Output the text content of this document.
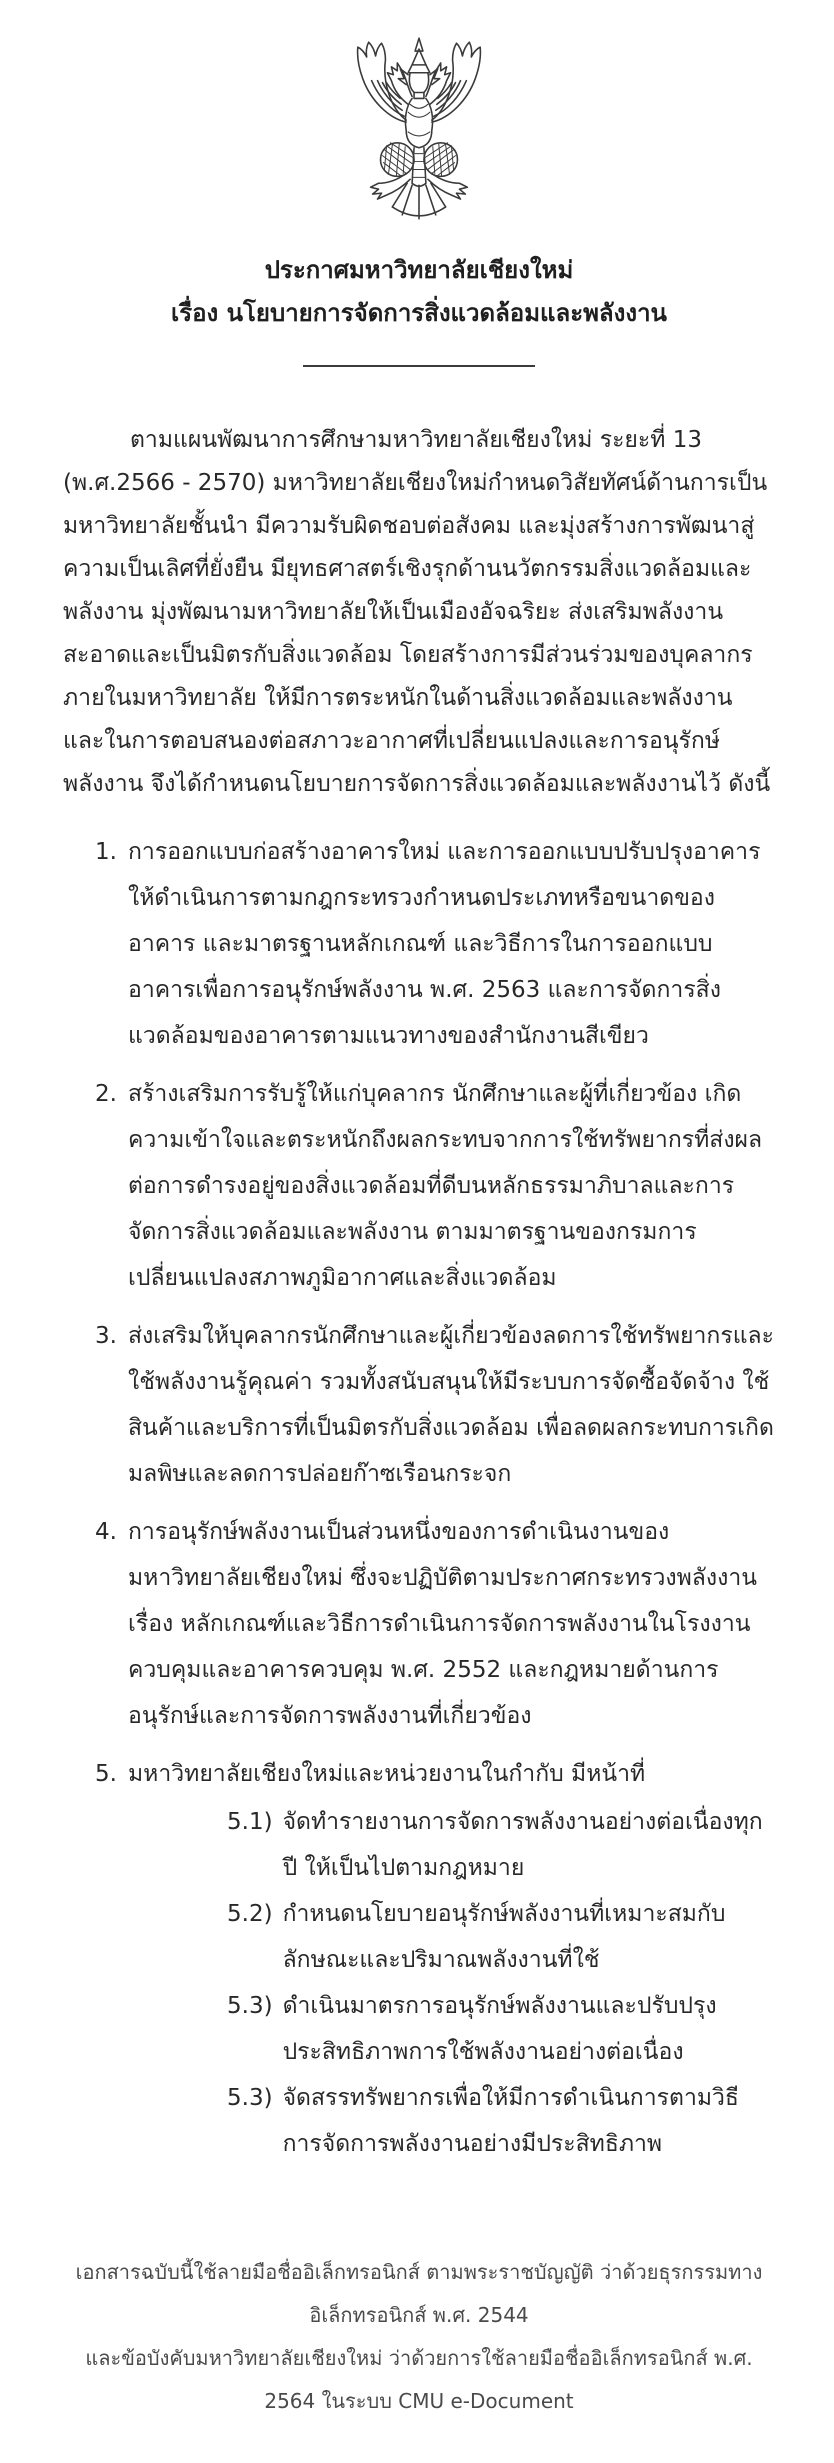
ประกาศมหาวิทยาลัยเชียงใหม่
เรื่อง นโยบายการจัดการสิ่งแวดล้อมและพลังงาน

ตามแผนพัฒนาการศึกษามหาวิทยาลัยเชียงใหม่ ระยะที่ 13 (พ.ศ.2566 - 2570) มหาวิทยาลัยเชียงใหม่กำหนดวิสัยทัศน์ด้านการเป็นมหาวิทยาลัยชั้นนำ มีความรับผิดชอบต่อสังคม และมุ่งสร้างการพัฒนาสู่ความเป็นเลิศที่ยั่งยืน มียุทธศาสตร์เชิงรุกด้านนวัตกรรมสิ่งแวดล้อมและพลังงาน มุ่งพัฒนามหาวิทยาลัยให้เป็นเมืองอัจฉริยะ ส่งเสริมพลังงานสะอาดและเป็นมิตรกับสิ่งแวดล้อม โดยสร้างการมีส่วนร่วมของบุคลากรภายในมหาวิทยาลัย ให้มีการตระหนักในด้านสิ่งแวดล้อมและพลังงาน และในการตอบสนองต่อสภาวะอากาศที่เปลี่ยนแปลงและการอนุรักษ์พลังงาน จึงได้กำหนดนโยบายการจัดการสิ่งแวดล้อมและพลังงานไว้ ดังนี้

1. การออกแบบก่อสร้างอาคารใหม่ และการออกแบบปรับปรุงอาคารให้ดำเนินการตามกฎกระทรวงกำหนดประเภทหรือขนาดของอาคาร และมาตรฐานหลักเกณฑ์ และวิธีการในการออกแบบอาคารเพื่อการอนุรักษ์พลังงาน พ.ศ. 2563 และการจัดการสิ่งแวดล้อมของอาคารตามแนวทางของสำนักงานสีเขียว
2. สร้างเสริมการรับรู้ให้แก่บุคลากร นักศึกษาและผู้ที่เกี่ยวข้อง เกิดความเข้าใจและตระหนักถึงผลกระทบจากการใช้ทรัพยากรที่ส่งผลต่อการดำรงอยู่ของสิ่งแวดล้อมที่ดีบนหลักธรรมาภิบาลและการจัดการสิ่งแวดล้อมและพลังงาน ตามมาตรฐานของกรมการเปลี่ยนแปลงสภาพภูมิอากาศและสิ่งแวดล้อม
3. ส่งเสริมให้บุคลากรนักศึกษาและผู้เกี่ยวข้องลดการใช้ทรัพยากรและใช้พลังงานรู้คุณค่า รวมทั้งสนับสนุนให้มีระบบการจัดซื้อจัดจ้าง ใช้สินค้าและบริการที่เป็นมิตรกับสิ่งแวดล้อม เพื่อลดผลกระทบการเกิดมลพิษและลดการปล่อยก๊าซเรือนกระจก
4. การอนุรักษ์พลังงานเป็นส่วนหนึ่งของการดำเนินงานของมหาวิทยาลัยเชียงใหม่ ซึ่งจะปฏิบัติตามประกาศกระทรวงพลังงาน เรื่อง หลักเกณฑ์และวิธีการดำเนินการจัดการพลังงานในโรงงานควบคุมและอาคารควบคุม พ.ศ. 2552 และกฎหมายด้านการอนุรักษ์และการจัดการพลังงานที่เกี่ยวข้อง
5. มหาวิทยาลัยเชียงใหม่และหน่วยงานในกำกับ มีหน้าที่
5.1) จัดทำรายงานการจัดการพลังงานอย่างต่อเนื่องทุกปี ให้เป็นไปตามกฎหมาย
5.2) กำหนดนโยบายอนุรักษ์พลังงานที่เหมาะสมกับลักษณะและปริมาณพลังงานที่ใช้
5.3) ดำเนินมาตรการอนุรักษ์พลังงานและปรับปรุงประสิทธิภาพการใช้พลังงานอย่างต่อเนื่อง
5.3) จัดสรรทรัพยากรเพื่อให้มีการดำเนินการตามวิธีการจัดการพลังงานอย่างมีประสิทธิภาพ
เอกสารฉบับนี้ใช้ลายมือชื่ออิเล็กทรอนิกส์ ตามพระราชบัญญัติ ว่าด้วยธุรกรรมทางอิเล็กทรอนิกส์ พ.ศ. 2544
และข้อบังคับมหาวิทยาลัยเชียงใหม่ ว่าด้วยการใช้ลายมือชื่ออิเล็กทรอนิกส์ พ.ศ. 2564 ในระบบ CMU e-Document
